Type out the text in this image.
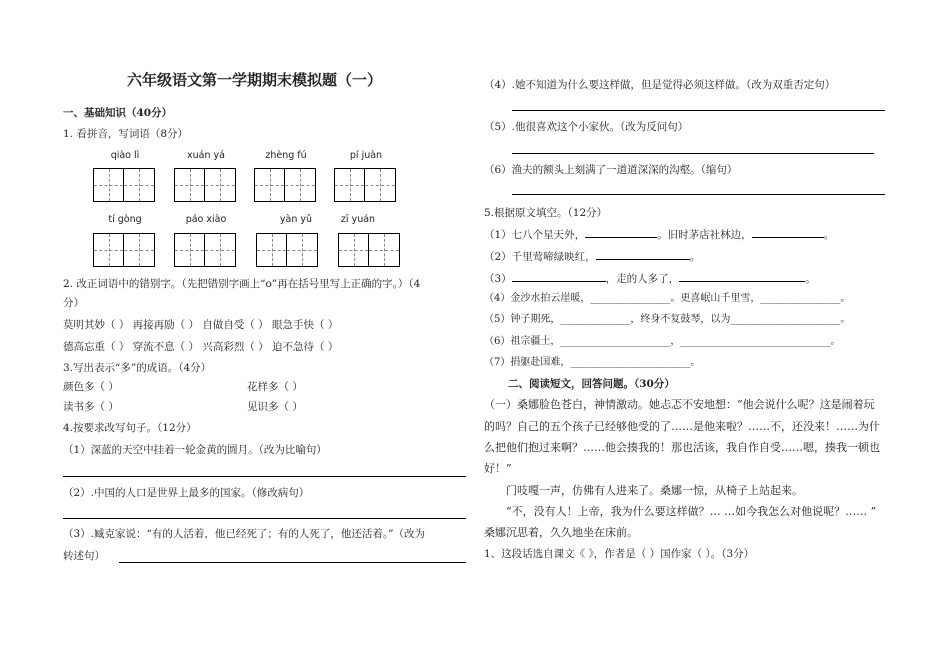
六年级语文第一学期期末模拟题（一）
一、基础知识（40分）
1. 看拼音，写词语（8分）
qiào lì	xuán yá	zhèng fú	pí juàn
tí gòng	páo xiào	yàn yǔ	zī yuán
2. 改正词语中的错别字。（先把错别字画上“o”再在括号里写上正确的字。）（4
分）
莫明其妙（ ） 再接再励（ ） 自做自受（ ） 眼急手快（ ）
德高忘重（ ） 穿流不息（ ） 兴高彩烈（ ） 迫不急待（ ）
3.写出表示“多”的成语。（4分）
颜色多（ ）	花样多（ ）
读书多（ ）	见识多（ ）
4.按要求改写句子。（12分）
（1）深蓝的天空中挂着一轮金黄的圆月。（改为比喻句）
（2）.中国的人口是世界上最多的国家。（修改病句）
（3）.臧克家说：“有的人活着，他已经死了；有的人死了，他还活着。”（改为
转述句）
（4）.她不知道为什么要这样做，但是觉得必须这样做。（改为双重否定句）
（5）.他很喜欢这个小家伙。（改为反问句）
（6）渔夫的额头上刻满了一道道深深的沟壑。（缩句）
5.根据原文填空。（12分）
（1）七八个星天外，	。旧时茅店社林边，	。
（2）千里莺啼绿映红，	。
（3）	，走的人多了，	。
（4）金沙水拍云崖暖，________________。更喜岷山千里雪，________________。
（5）钟子期死，______________，终身不复鼓琴，以为______________________。
（6）祖宗疆土，______________________，______________________________。
（7）捐躯赴国难，________________________。
二、阅读短文，回答问题。（30分）
（一）桑娜脸色苍白，神情激动。她忐忑不安地想：“他会说什么呢？这是闹着玩
的吗？自己的五个孩子已经够他受的了……是他来啦？……不，还没来！……为什
么把他们抱过来啊？……他会揍我的！那也活该，我自作自受……嗯，揍我一顿也
好！”
门吱嘎一声，仿佛有人进来了。桑娜一惊，从椅子上站起来。
“不，没有人！上帝，我为什么要这样做？… …如今我怎么对他说呢？…… ”
桑娜沉思着，久久地坐在床前。
1、这段话选自课文《 》，作者是（ ）国作家（ ）。（3分）
